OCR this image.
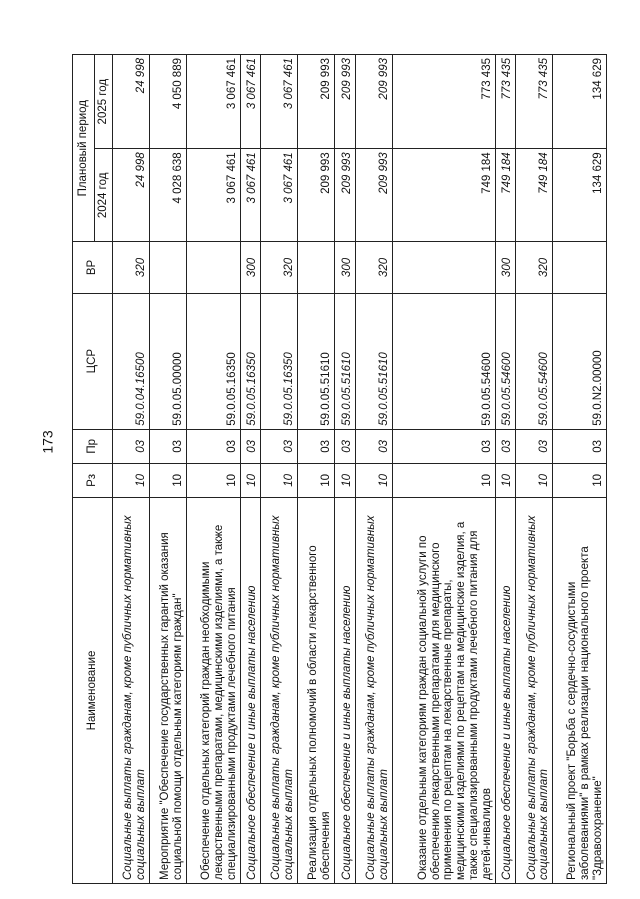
173
Наименование	Рз	Пр	ЦСР	ВР	Плановый период	
					2024 год	2025 год
Социальные выплаты гражданам, кроме публичных нормативных социальных выплат	10	03	59.0.04.16500	320	24 998	24 998
Мероприятие "Обеспечение государственных гарантий оказания социальной помощи отдельным категориям граждан"	10	03	59.0.05.00000		4 028 638	4 050 889
Обеспечение отдельных категорий граждан необходимыми лекарственными препаратами, медицинскими изделиями, а также специализированными продуктами лечебного питания	10	03	59.0.05.16350		3 067 461	3 067 461
Социальное обеспечение и иные выплаты населению	10	03	59.0.05.16350	300	3 067 461	3 067 461
Социальные выплаты гражданам, кроме публичных нормативных социальных выплат	10	03	59.0.05.16350	320	3 067 461	3 067 461
Реализация отдельных полномочий в области лекарственного обеспечения	10	03	59.0.05.51610		209 993	209 993
Социальное обеспечение и иные выплаты населению	10	03	59.0.05.51610	300	209 993	209 993
Социальные выплаты гражданам, кроме публичных нормативных социальных выплат	10	03	59.0.05.51610	320	209 993	209 993
Оказание отдельным категориям граждан социальной услуги по обеспечению лекарственными препаратами для медицинского применения по рецептам на лекарственные препараты, медицинскими изделиями по рецептам на медицинские изделия, а также специализированными продуктами лечебного питания для детей-инвалидов	10	03	59.0.05.54600		749 184	773 435
Социальное обеспечение и иные выплаты населению	10	03	59.0.05.54600	300	749 184	773 435
Социальные выплаты гражданам, кроме публичных нормативных социальных выплат	10	03	59.0.05.54600	320	749 184	773 435
Региональный проект "Борьба с сердечно-сосудистыми заболеваниями" в рамках реализации национального проекта "Здравоохранение"	10	03	59.0.N2.00000		134 629	134 629
